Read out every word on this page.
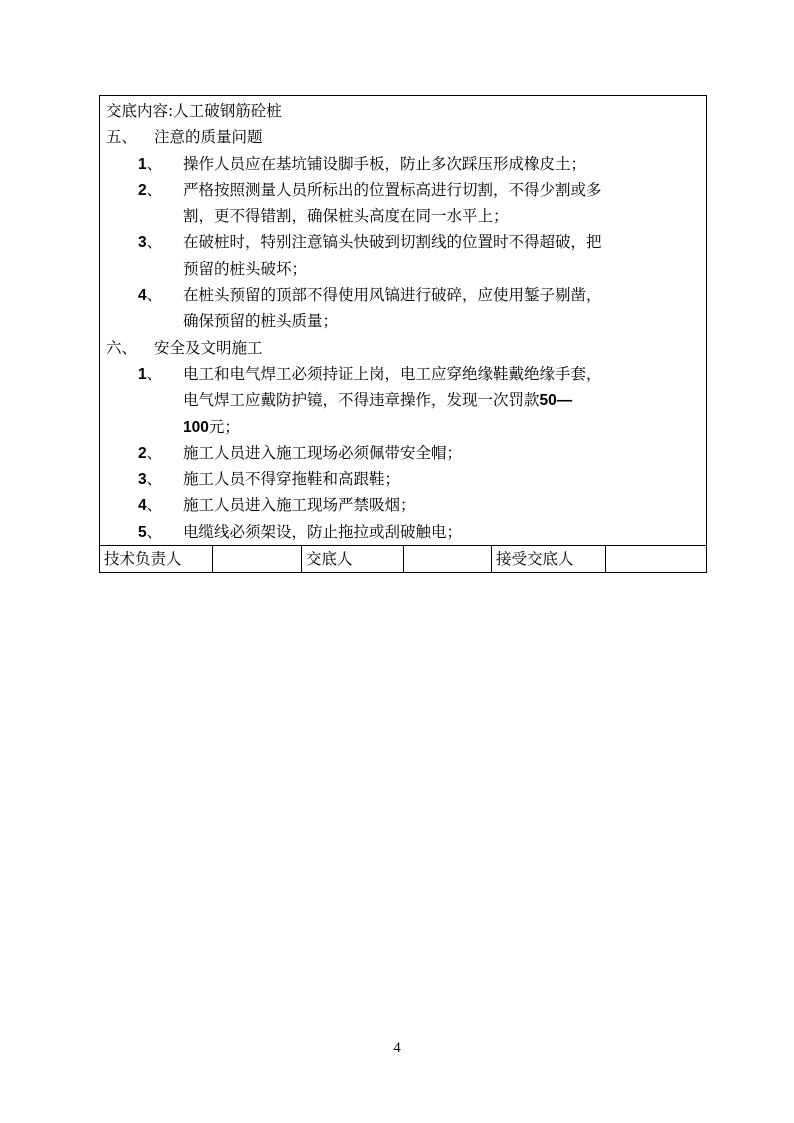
交底内容:人工破钢筋砼桩
五、 注意的质量问题
1、 操作人员应在基坑铺设脚手板，防止多次踩压形成橡皮土；
2、 严格按照测量人员所标出的位置标高进行切割，不得少割或多
割，更不得错割，确保桩头高度在同一水平上；
3、 在破桩时，特别注意镐头快破到切割线的位置时不得超破，把
预留的桩头破坏；
4、 在桩头预留的顶部不得使用风镐进行破碎，应使用錾子剔凿，
确保预留的桩头质量；
六、 安全及文明施工
1、 电工和电气焊工必须持证上岗，电工应穿绝缘鞋戴绝缘手套，
电气焊工应戴防护镜，不得违章操作，发现一次罚款50—
100元；
2、 施工人员进入施工现场必须佩带安全帽；
3、 施工人员不得穿拖鞋和高跟鞋；
4、 施工人员进入施工现场严禁吸烟；
5、 电缆线必须架设，防止拖拉或刮破触电；
技术负责人	交底人	接受交底人
4
